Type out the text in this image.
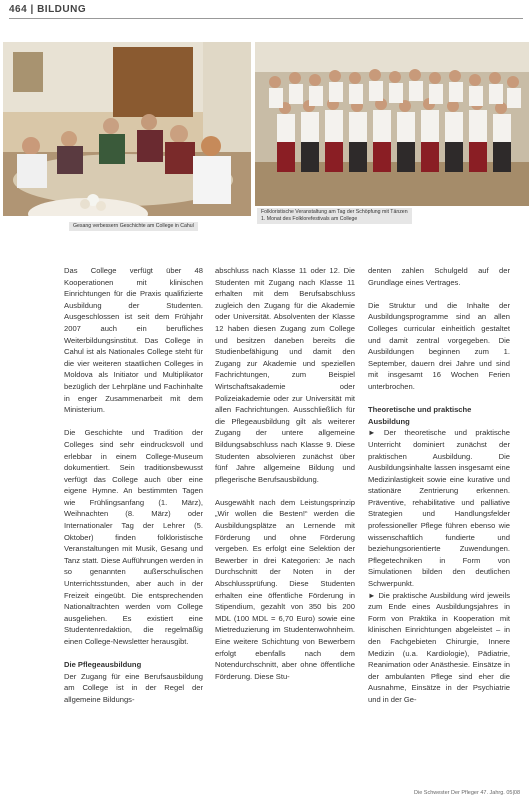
464 | BILDUNG
Gesang verbessern Geschichte am College in Cahul
Folkloristische Veranstaltung am Tag der Schöpfung mit Tänzen
1. Monat des Folklorefestivals am College

Das College verfügt über 48 Kooperationen mit klinischen Einrichtungen für die Praxis qualifizierte Ausbildung der Studenten. Ausgeschlossen ist seit dem Frühjahr 2007 auch ein berufliches Weiterbildungsinstitut. Das College in Cahul ist als Nationales College steht für die vier weiteren staatlichen Colleges in Moldova als Initiator und Multiplikator bezüglich der Lehrpläne und Fachinhalte in enger Zusammenarbeit mit dem Ministerium.

Die Geschichte und Tradition der Colleges sind sehr eindrucksvoll und erlebbar in einem College-Museum dokumentiert. Sein traditionsbewusst verfügt das College auch über eine eigene Hymne. An bestimmten Tagen wie Frühlingsanfang (1. März), Weihnachten (8. März) oder Internationaler Tag der Lehrer (5. Oktober) finden folkloristische Veranstaltungen mit Musik, Gesang und Tanz statt. Diese Aufführungen werden in so genannten außerschulischen Unterrichtsstunden, aber auch in der Freizeit eingeübt. Die entsprechenden Nationaltrachten werden vom College ausgeliehen. Es existiert eine Studentenredaktion, die regelmäßig einen College-Newsletter herausgibt.

Die Pflegeausbildung

Der Zugang für eine Berufsausbildung am College ist in der Regel der allgemeine Bildungs-

abschluss nach Klasse 11 oder 12. Die Studenten mit Zugang nach Klasse 11 erhalten mit dem Berufsabschluss zugleich den Zugang für die Akademie oder Universität. Absolventen der Klasse 12 haben diesen Zugang zum College und besitzen daneben bereits die Studienbefähigung und damit den Zugang zur Akademie und speziellen Fachrichtungen, zum Beispiel Wirtschaftsakademie oder Polizeiakademie oder zur Universität mit allen Fachrichtungen. Ausschließlich für die Pflegeausbildung gilt als weiterer Zugang der untere allgemeine Bildungsabschluss nach Klasse 9. Diese Studenten absolvieren zunächst über fünf Jahre allgemeine Bildung und pflegerische Berufsausbildung.

Ausgewählt nach dem Leistungsprinzip „Wir wollen die Besten!“ werden die Ausbildungsplätze an Lernende mit Förderung und ohne Förderung vergeben. Es erfolgt eine Selektion der Bewerber in drei Kategorien: Je nach Durchschnitt der Noten in der Abschlussprüfung. Diese Studenten erhalten eine öffentliche Förderung in Stipendium, gezahlt von 350 bis 200 MDL (100 MDL = 6,70 Euro) sowie eine Mietreduzierung im Studentenwohnheim. Eine weitere Schichtung von Bewerbern erfolgt ebenfalls nach dem Notendurchschnitt, aber ohne öffentliche Förderung. Diese Stu-

denten zahlen Schulgeld auf der Grundlage eines Vertrages.

Die Struktur und die Inhalte der Ausbildungsprogramme sind an allen Colleges curricular einheitlich gestaltet und damit zentral vorgegeben. Die Ausbildungen beginnen zum 1. September, dauern drei Jahre und sind mit insgesamt 16 Wochen Ferien unterbrochen.

Theoretische und praktische Ausbildung

► Der theoretische und praktische Unterricht dominiert zunächst der praktischen Ausbildung. Die Ausbildungsinhalte lassen insgesamt eine Medizinlastigkeit sowie eine kurative und stationäre Zentrierung erkennen. Präventive, rehabilitative und palliative Strategien und Handlungsfelder professioneller Pflege führen ebenso wie wissenschaftlich fundierte und beziehungsorientierte Zuwendungen. Pflegetechniken in Form von Simulationen bilden den deutlichen Schwerpunkt.

► Die praktische Ausbildung wird jeweils zum Ende eines Ausbildungsjahres in Form von Praktika in Kooperation mit klinischen Einrichtungen abgeleistet – in den Fachgebieten Chirurgie, Innere Medizin (u.a. Kardiologie), Pädiatrie, Reanimation oder Anästhesie. Einsätze in der ambulanten Pflege sind eher die Ausnahme, Einsätze in der Psychiatrie und in der Ge-

Die Schwester Der Pfleger 47. Jahrg. 05|08
